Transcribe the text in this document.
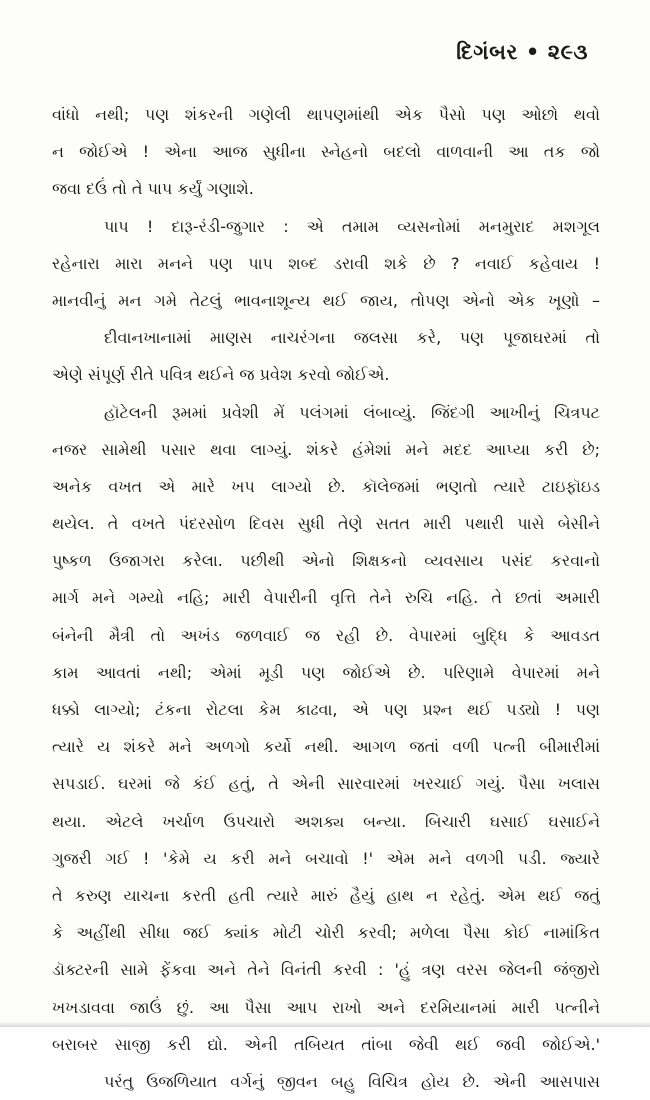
દિગંબર • ૨૯૩
વાંધો નથી; પણ શંકરની ગણેલી થાપણમાંથી એક પૈસો પણ ઓછો થવો
ન જોઈએ ! એના આજ સુધીના સ્નેહનો બદલો વાળવાની આ તક જો
જવા દઉં તો તે પાપ કર્યું ગણાશે.
પાપ ! દારૂ-રંડી-જુગાર : એ તમામ વ્યસનોમાં મનમુરાદ મશગૂલ
રહેનારા મારા મનને પણ પાપ શબ્દ ડરાવી શકે છે ? નવાઈ કહેવાય !
માનવીનું મન ગમે તેટલું ભાવનાશૂન્ય થઈ જાય, તોપણ એનો એક ખૂણો –
દીવાનખાનામાં માણસ નાચરંગના જલસા કરે, પણ પૂજાઘરમાં તો
એણે સંપૂર્ણ રીતે પવિત્ર થઈને જ પ્રવેશ કરવો જોઈએ.
હૉટેલની રૂમમાં પ્રવેશી મેં પલંગમાં લંબાવ્યું. જિંદગી આખીનું ચિત્રપટ
નજર સામેથી પસાર થવા લાગ્યું. શંકરે હંમેશાં મને મદદ આપ્યા કરી છે;
અનેક વખત એ મારે ખપ લાગ્યો છે. કૉલેજમાં ભણતો ત્યારે ટાઇફૉઇડ
થયેલ. તે વખતે પંદરસોળ દિવસ સુધી તેણે સતત મારી પથારી પાસે બેસીને
પુષ્કળ ઉજાગરા કરેલા. પછીથી એનો શિક્ષકનો વ્યવસાય પસંદ કરવાનો
માર્ગ મને ગમ્યો નહિ; મારી વેપારીની વૃત્તિ તેને રુચિ નહિ. તે છતાં અમારી
બંનેની મૈત્રી તો અખંડ જળવાઈ જ રહી છે. વેપારમાં બુદ્ધિ કે આવડત
કામ આવતાં નથી; એમાં મૂડી પણ જોઈએ છે. પરિણામે વેપારમાં મને
ધક્કો લાગ્યો; ટંકના રોટલા કેમ કાઢવા, એ પણ પ્રશ્ન થઈ પડ્યો ! પણ
ત્યારે ય શંકરે મને અળગો કર્યો નથી. આગળ જતાં વળી પત્ની બીમારીમાં
સપડાઈ. ઘરમાં જે કંઈ હતું, તે એની સારવારમાં ખરચાઈ ગયું. પૈસા ખલાસ
થયા. એટલે ખર્ચાળ ઉપચારો અશક્ય બન્યા. બિચારી ઘસાઈ ઘસાઈને
ગુજરી ગઈ ! 'કેમે ય કરી મને બચાવો !' એમ મને વળગી પડી. જ્યારે
તે કરુણ યાચના કરતી હતી ત્યારે મારું હૈયું હાથ ન રહેતું. એમ થઈ જતું
કે અહીંથી સીધા જઈ ક્યાંક મોટી ચોરી કરવી; મળેલા પૈસા કોઈ નામાંકિત
ડૉક્ટરની સામે ફેંકવા અને તેને વિનંતી કરવી : 'હું ત્રણ વરસ જેલની જંજીરો
ખખડાવવા જાઉં છું. આ પૈસા આપ રાખો અને દરમિયાનમાં મારી પત્નીને
બરાબર સાજી કરી દ્યો. એની તબિયત તાંબા જેવી થઈ જવી જોઈએ.'
પરંતુ ઉજળિયાત વર્ગનું જીવન બહુ વિચિત્ર હોય છે. એની આસપાસ
